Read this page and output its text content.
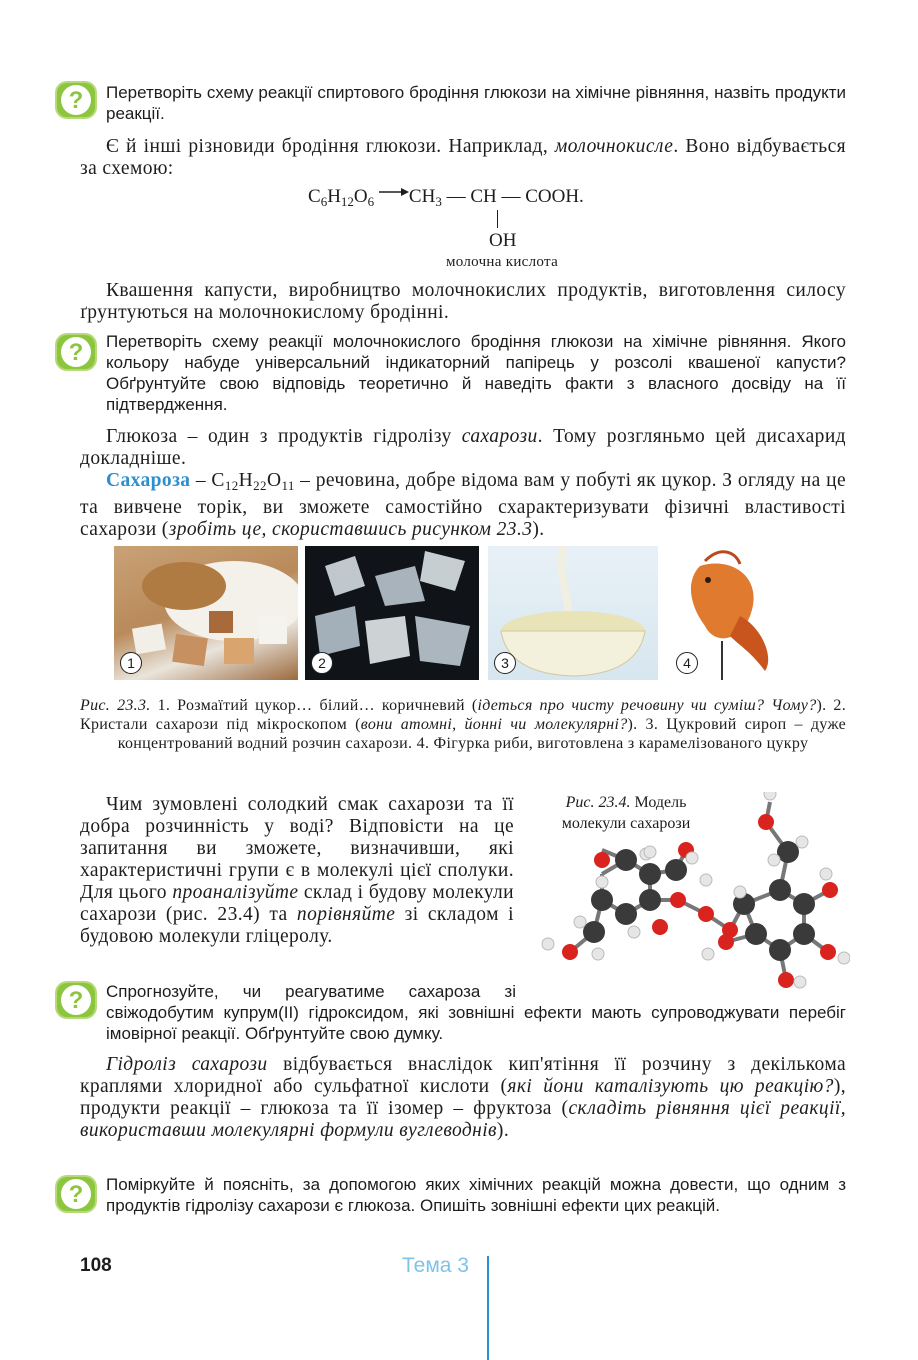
Перетворіть схему реакції спиртового бродіння глюкози на хімічне рівняння, назвіть продукти реакції.
Є й інші різновиди бродіння глюкози. Наприклад, молочнокисле. Воно відбувається за схемою:
$C_6H_{12}O_6$ $CH_3$ — CH — COOH.
OH
молочна кислота
Квашення капусти, виробництво молочнокислих продуктів, виготовлення силосу ґрунтуються на молочнокислому бродінні.
Перетворіть схему реакції молочнокислого бродіння глюкози на хімічне рівняння. Якого кольору набуде універсальний індикаторний папірець у розсолі квашеної капусти? Обґрунтуйте свою відповідь теоретично й наведіть факти з власного досвіду на її підтвердження.
Глюкоза – один з продуктів гідролізу сахарози. Тому розгляньмо цей дисахарид докладніше.
Сахароза – $C_{12}H_{22}O_{11}$ – речовина, добре відома вам у побуті як цукор. З огляду на це та вивчене торік, ви зможете самостійно схарактеризувати фізичні властивості сахарози (зробіть це, скориставшись рисунком 23.3).
1	2	3	4
Рис. 23.3. 1. Розмаїтий цукор… білий… коричневий (ідеться про чисту речовину чи суміш? Чому?). 2. Кристали сахарози під мікроскопом (вони атомні, йонні чи молекулярні?). 3. Цукровий сироп – дуже концентрований водний розчин сахарози. 4. Фігурка риби, виготовлена з карамелізованого цукру
Чим зумовлені солодкий смак сахарози та її добра розчинність у воді? Відповісти на це запитання ви зможете, визначивши, які характеристичні групи є в молекулі цієї сполуки. Для цього проаналізуйте склад і будову молекули сахарози (рис. 23.4) та порівняйте зі складом і будовою молекули гліцеролу.
Рис. 23.4. Модель молекули сахарози
Спрогнозуйте, чи реагуватиме сахароза зі свіжодобутим купрум(ІІ) гідроксидом, які зовнішні ефекти мають супроводжувати перебіг імовірної реакції. Обґрунтуйте свою думку.
Гідроліз сахарози відбувається внаслідок кип'ятіння її розчину з декількома краплями хлоридної або сульфатної кислоти (які йони каталізують цю реакцію?), продукти реакції – глюкоза та її ізомер – фруктоза (складіть рівняння цієї реакції, використавши молекулярні формули вуглеводнів).
Поміркуйте й поясніть, за допомогою яких хімічних реакцій можна довести, що одним з продуктів гідролізу сахарози є глюкоза. Опишіть зовнішні ефекти цих реакцій.
108	Тема 3
